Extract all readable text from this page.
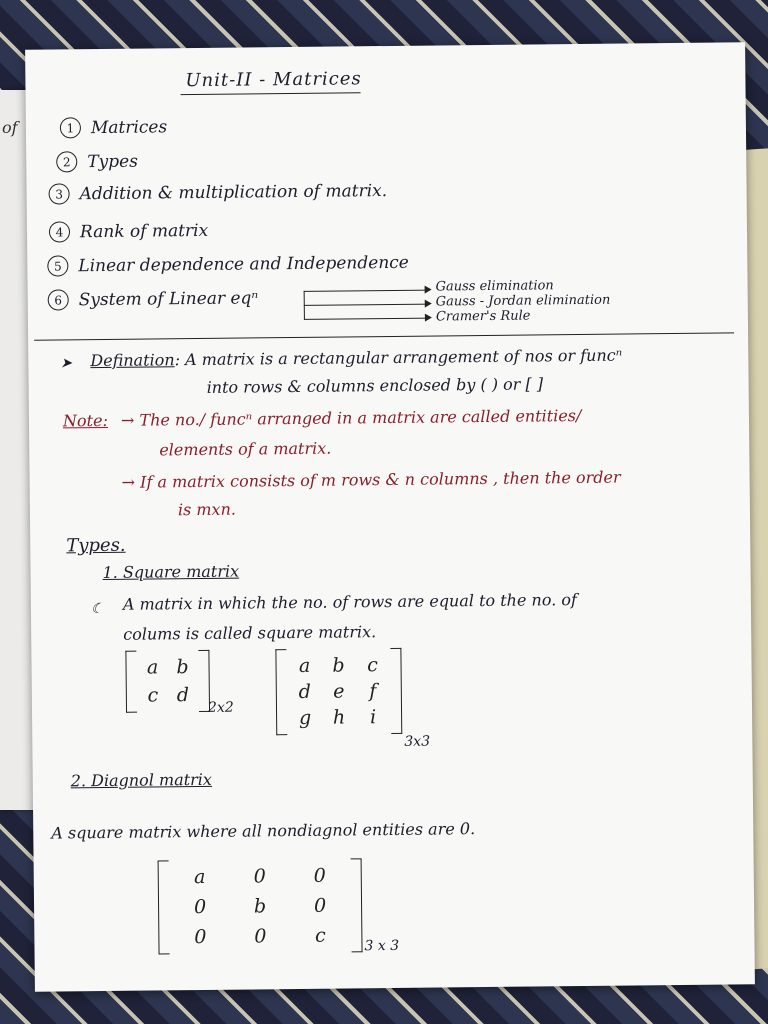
of
Unit-II - Matrices
1 Matrices
2 Types
3 Addition & multiplication of matrix.
4 Rank of matrix
5 Linear dependence and Independence
6 System of Linear eqⁿ
Gauss elimination
Gauss - Jordan elimination
Cramer's Rule
➤ Defination: A matrix is a rectangular arrangement of nos or funcⁿ
into rows & columns enclosed by ( ) or [ ]
Note: → The no./ funcⁿ arranged in a matrix are called entities/
elements of a matrix.
→ If a matrix consists of m rows & n columns , then the order
is mxn.
Types.
1. Square matrix
☾ A matrix in which the no. of rows are equal to the no. of
colums is called square matrix.
a b
c d
2x2
a	b	c
d	e	f
g	h	i
3x3
2. Diagnol matrix
A square matrix where all nondiagnol entities are 0.
a	0	0
0	b	0
0	0	c	3 x 3
